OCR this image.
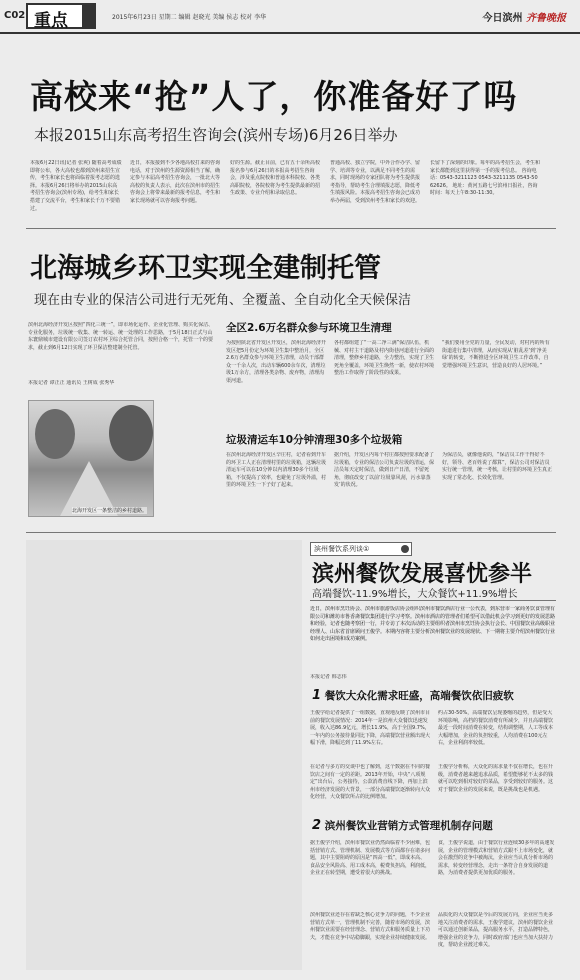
C02 重点	2015年6月23日 星期二 编辑 赵晓光 美编 侯志 校对 李华	今日滨州 齐鲁晚报
高校来“抢”人了，你准备好了吗
本报2015山东高考招生咨询会(滨州专场)6月26日举办
本报6月22日讯(记者 张爽) 随着高考成绩即将公布，各大高校也都到滨州来招生宣传，考生和家长也将面临着报考志愿的选择。本报6月26日将举办的2015山东高考招生咨询会(滨州专场)，给考生和家长搭建了交流平台，考生和家长千万不要错过。
近日，本报接到不少各地高校打来的咨询电话，对于滨州的生源资源相当了解，确定参与本届高考招生咨询会，一批北大等高校的负责人表示，此次在滨州市的招生咨询会上将带来最新的报考信息，考生和家长现场就可以咨询报考问题。
好的生源。截止目前，已有五十余所高校报名参与6月26日的本报高考招生咨询会，涉及重点院校和普通本科院校、各类高职院校，各院校将为考生提供最新的招生政策、专业介绍和录取信息。
普通高校、独立学院，中外合作办学、留学、培训等专业，以满足不同考生的需求，同时现场的专家团队将为考生提供报考指导，帮助考生合理填报志愿，降低考生填报风险。本报高考招生咨询会已成功举办两届，受到滨州考生和家长的欢迎。
长留下了深刻的印象。每年的高考招生会，考生和家长都能到这里获得第一手的报考信息。 咨询电话：0543-3211123 0543-3211135 0543-5062626。 地址：黄河五路七号滨州日报社，咨询时间：每天上午8:30-11:30。
北海城乡环卫实现全建制托管
现在由专业的保洁公司进行无死角、全覆盖、全自动化全天候保洁
滨州北海经济开发区按照“四化三统一”，即市场化运作、企业化管理、购买化保洁、专业化服务，垃圾统一收集、统一转运、统一处理的工作思路，于5月18日正式与山东寰鼎城市建设有限公司签订农村环卫综合托管合同，按照合格一个，托管一个的要求，截止到6月12日实现了环卫保洁整建制全托管。
本报记者 谭正正 通讯员 王树成 张秀华
北海开发区一条整洁的乡村道路。
全区2.6万名群众参与环境卫生清理
为按照陕北省开发区开发区，滨州北海经济开发区把5月份定为环境卫生集中整治月，全区2.6万名群众参与环境卫生清理，动员干部群众一千余人次，出动车辆600余车次，清理垃圾1万余方，清理各类杂物、废弃物，清理沟渠河道。
各村都组建了“一高二净三满”保洁队伍，机械、对村主干道路及村内街巷河道进行全面的清理，整修乡村道路，全力整治，实现了卫生死角全覆盖，环境卫生焕然一新，使农村环境整治工作取得了阶段性的成果。
“我们要用全党的力量，全民发动，对村内的所有街道进行集中清理，从而实现从‘脏乱差’到‘净美绿’的转变，不断推进全区环境卫生工作改革，自觉增强环境卫生意识，营造良好的人居环境。”
垃圾清运车10分钟清理30多个垃圾箱
在滨州北海经济开发区辛庄村，记者看到开车的环卫工人正在清理村里的垃圾箱，这辆垃圾清运车可以在10分钟以内清理30多个垃圾箱，不仅提高了效率，也避免了垃圾外溢，村里的环境卫生一下子好了起来。
据介绍，开发区内每个村庄都按照要求配备了垃圾箱，专业的保洁公司负责垃圾的清运，保洁员每天定时保洁，做到日产日清，不留死角，彻底改变了以前‘垃圾靠风刮，污水靠蒸发’的状况。
为保洁员，就像他说的，“保洁员工作干得好不好，领导、老百姓说了都算”，保洁公司对保洁员实行统一管理，统一考核，让村里的环境卫生真正实现了常态化、长效化管理。
滨州餐饮系列谈①
滨州餐饮发展喜忧参半
高端餐饮-11.9%增长，大众餐饮+11.9%增长
近日，滨州市烹饪协会、滨州市旅游饭店协会组织滨州市餐饮酒店行业一公代表，到东营市一家商务饮食管理有限公司和潍坊市鲁香斋餐饮集团进行学习考察。滨州市酒店的管理者们希望可以借此机会学习到更好的发展思路和经验，记者也随考察团一行，并专访了本次活动的主要组织者滨州市烹饪协会执行会长、中国餐饮业高级职业经理人、山东省首席顾问王俊学。本期内容将主要分析滨州餐饮业的发展现状、下一期将主要介绍滨州餐饮行业如何走出困境和成功案例。
本报记者 韩志伟
1 餐饮大众化需求旺盛，高端餐饮依旧疲软
王俊学给记者提供了一组数据，直观地反映了滨州市目前的餐饮发展情况：2014年一是滨州大众餐饮迅速发展，收入达86.9亿元，增长11.9%，高于全国9.7%，一年内的公务接待量同比下降，高端餐饮营业额出现大幅下滑，降幅达到了11.9%左右。
在记者与多方的交谈中也了解到，这个数据在不同的餐饮店之间有一定的差距。2013年开始，中央“八项规定”出台后，公务接待，公款消费直线下降，再加上滨州市经济发展的大背景，一部分高端餐饮逐渐转向大众化经营，大众餐饮所占的比例增加。
约占30-50%，高端餐饮呈现萎缩的趋势，但是受大环境影响，高档的餐饮消费有所减少，并且高端餐饮最近一段时间消费在转变，结构调整期，人工等成本大幅增加，企业的负担较重，人均消费在100元左右，企业利润率较低。
王俊学分析称，大众化的需求量不仅在增长，也在升级，消费者越来越追求品质，希望能够花不太多的钱就可以吃到相对较好的菜品，享受到较好的服务。这对于餐饮企业的发展来说，既是挑战也是机遇。
2 滨州餐饮业营销方式管理机制存问题
据王俊学介绍，滨州市餐饮业仍然面临着不少困难，包括营销方式、管理机制、发展模式等方面都存在诸多问题，其中主要阻碍的原因是“四高一低”，即成本高、食品安全风险高、用工成本高，税费负担高，利润低，企业正在转型期，遭受着很大的挑战。
滨州餐饮业还存在着缺乏核心竞争力的问题，不少企业营销方式单一，管理机制不完善，随着市场的发展，滨州餐饮业需要在经营理念、营销方式和服务质量上下功夫，才能在竞争中站稳脚跟，实现企业持续健康发展。
食，王俊学说道，由于餐饮行业连续30多年的高速发展，企业的管理模式和营销方式跟不上市场变化，就会在激烈的竞争中被淘汰，企业应当认真分析市场的需求，转变经营理念，走出一条符合自身发展的道路，为消费者提供更加优质的服务。
品质化的大众餐饮是今后的发展方向，企业应当更多地关注消费者的需求，王俊学建议，滨州的餐饮企业可以通过创新菜品，提高服务水平，打造品牌特色，增强企业的竞争力，同时政府部门也应当加大扶持力度，帮助企业渡过难关。
